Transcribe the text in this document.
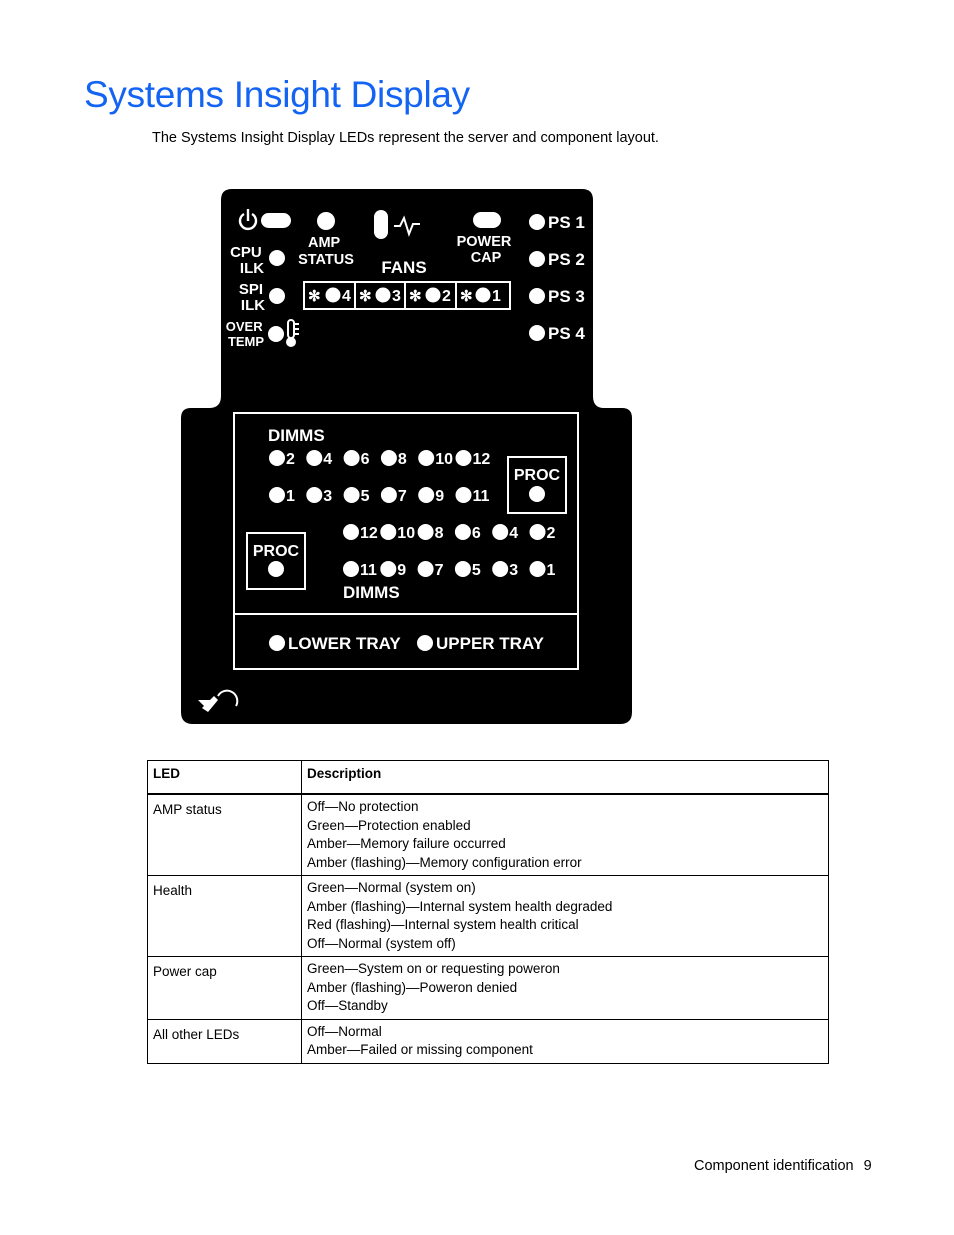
Systems Insight Display

The Systems Insight Display LEDs represent the server and component layout.

AMP STATUS FANS
POWER CAP
PS 1
PS 2
PS 3
PS 4
CPU ILK
SPI ILK
OVER TEMP
✻ 4 ✻ 3 ✻ 2 ✻ 1
DIMMS
2 4 6 8 10 12
1 3 5 7 9 11
12 10 8 6 4 2
11 9 7 5 3 1
PROC
PROC
DIMMS
LOWER TRAY UPPER TRAY
LED	Description
AMP status	Off—No protection
Green—Protection enabled
Amber—Memory failure occurred
Amber (flashing)—Memory configuration error

Health	Green—Normal (system on)
Amber (flashing)—Internal system health degraded
Red (flashing)—Internal system health critical
Off—Normal (system off)

Power cap	Green—System on or requesting poweron
Amber (flashing)—Poweron denied
Off—Standby

All other LEDs	Off—Normal
Amber—Failed or missing component
Component identification 9
